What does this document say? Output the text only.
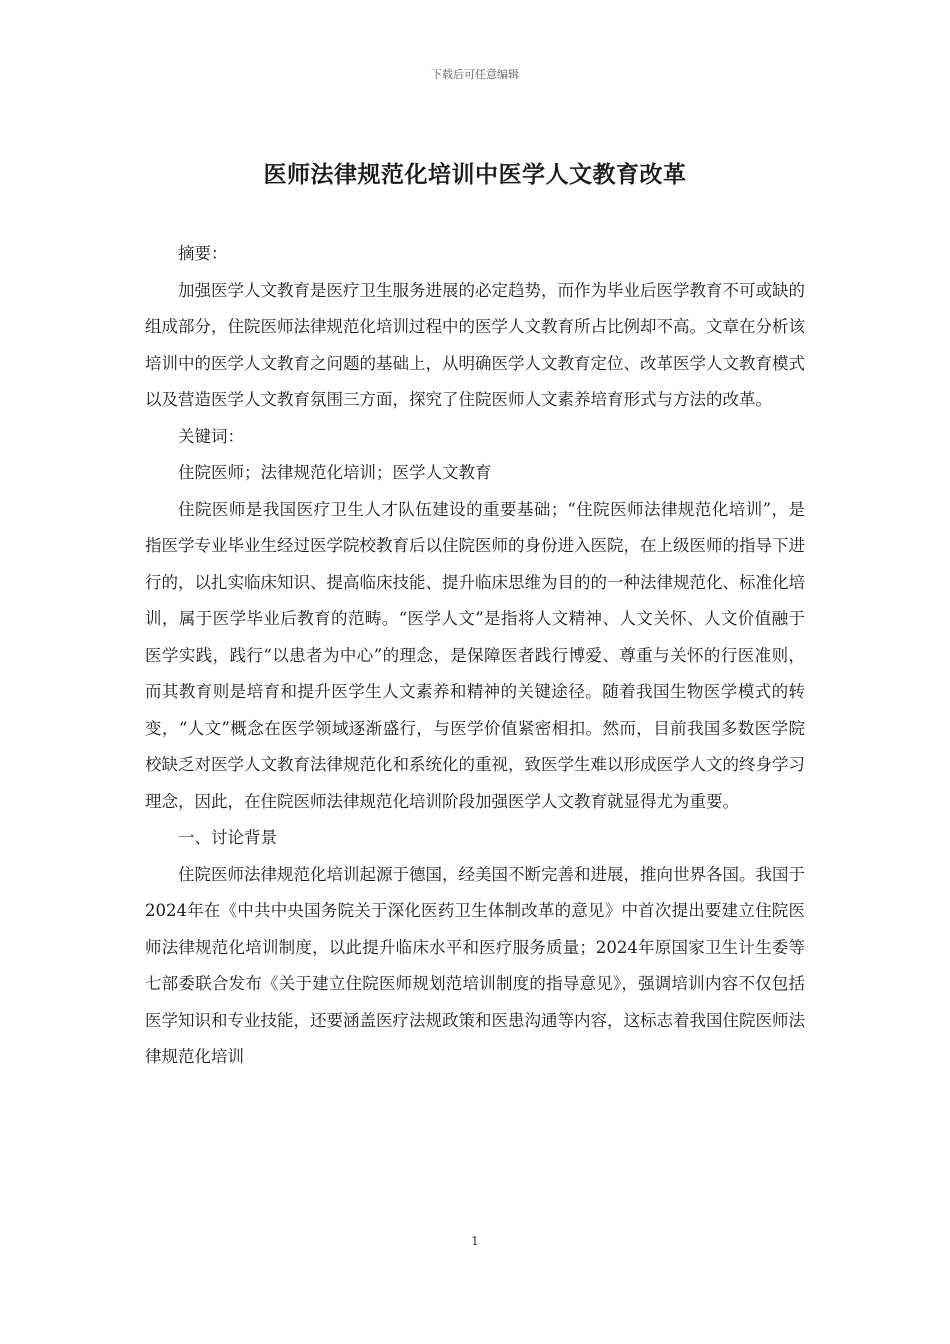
下载后可任意编辑
医师法律规范化培训中医学人文教育改革

摘要：

加强医学人文教育是医疗卫生服务进展的必定趋势，而作为毕业后医学教育不可或缺的组成部分，住院医师法律规范化培训过程中的医学人文教育所占比例却不高。文章在分析该培训中的医学人文教育之问题的基础上，从明确医学人文教育定位、改革医学人文教育模式以及营造医学人文教育氛围三方面，探究了住院医师人文素养培育形式与方法的改革。

关键词：

住院医师；法律规范化培训；医学人文教育

住院医师是我国医疗卫生人才队伍建设的重要基础；“住院医师法律规范化培训”，是指医学专业毕业生经过医学院校教育后以住院医师的身份进入医院，在上级医师的指导下进行的，以扎实临床知识、提高临床技能、提升临床思维为目的的一种法律规范化、标准化培训，属于医学毕业后教育的范畴。“医学人文”是指将人文精神、人文关怀、人文价值融于医学实践，践行“以患者为中心”的理念，是保障医者践行博爱、尊重与关怀的行医准则，而其教育则是培育和提升医学生人文素养和精神的关键途径。随着我国生物医学模式的转变，“人文”概念在医学领域逐渐盛行，与医学价值紧密相扣。然而，目前我国多数医学院校缺乏对医学人文教育法律规范化和系统化的重视，致医学生难以形成医学人文的终身学习理念，因此，在住院医师法律规范化培训阶段加强医学人文教育就显得尤为重要。

一、讨论背景

住院医师法律规范化培训起源于德国，经美国不断完善和进展，推向世界各国。我国于2024年在《中共中央国务院关于深化医药卫生体制改革的意见》中首次提出要建立住院医师法律规范化培训制度，以此提升临床水平和医疗服务质量；2024年原国家卫生计生委等七部委联合发布《关于建立住院医师规划范培训制度的指导意见》，强调培训内容不仅包括医学知识和专业技能，还要涵盖医疗法规政策和医患沟通等内容，这标志着我国住院医师法律规范化培训

1
